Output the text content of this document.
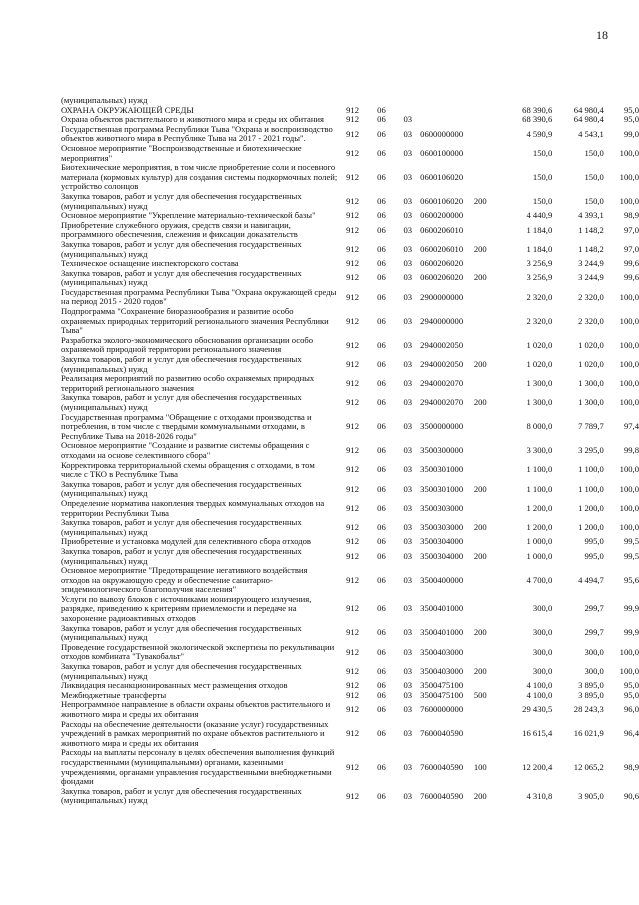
18
(муниципальных) нужд								
ОХРАНА ОКРУЖАЮЩЕЙ СРЕДЫ	912	06				68 390,6	64 980,4	95,0
Охрана объектов растительного и животного мира и среды их обитания	912	06	03			68 390,6	64 980,4	95,0
Государственная программа Республики Тыва "Охрана и воспроизводство объектов животного мира в Республике Тыва на 2017 - 2021 годы".	912	06	03	0600000000		4 590,9	4 543,1	99,0
Основное мероприятие "Воспроизводственные и биотехнические мероприятия"	912	06	03	0600100000		150,0	150,0	100,0
Биотехнические мероприятия, в том числе приобретение соли и посевного материала (кормовых культур) для создания системы подкормочных полей; устройство солонцов	912	06	03	0600106020		150,0	150,0	100,0
Закупка товаров, работ и услуг для обеспечения государственных (муниципальных) нужд	912	06	03	0600106020	200	150,0	150,0	100,0
Основное мероприятие "Укрепление материально-технической базы"	912	06	03	0600200000		4 440,9	4 393,1	98,9
Приобретение служебного оружия, средств связи и навигации, программного обеспечения, слежения и фиксации доказательств	912	06	03	0600206010		1 184,0	1 148,2	97,0
Закупка товаров, работ и услуг для обеспечения государственных (муниципальных) нужд	912	06	03	0600206010	200	1 184,0	1 148,2	97,0
Техническое оснащение инспекторского состава	912	06	03	0600206020		3 256,9	3 244,9	99,6
Закупка товаров, работ и услуг для обеспечения государственных (муниципальных) нужд	912	06	03	0600206020	200	3 256,9	3 244,9	99,6
Государственная программа Республики Тыва "Охрана окружающей среды на период 2015 - 2020 годов"	912	06	03	2900000000		2 320,0	2 320,0	100,0
Подпрограмма "Сохранение биоразнообразия и развитие особо охраняемых природных территорий регионального значения Республики Тыва"	912	06	03	2940000000		2 320,0	2 320,0	100,0
Разработка эколого-экономического обоснования организации особо охраняемой природной территории регионального значения	912	06	03	2940002050		1 020,0	1 020,0	100,0
Закупка товаров, работ и услуг для обеспечения государственных (муниципальных) нужд	912	06	03	2940002050	200	1 020,0	1 020,0	100,0
Реализация мероприятий по развитию особо охраняемых природных территорий регионального значения	912	06	03	2940002070		1 300,0	1 300,0	100,0
Закупка товаров, работ и услуг для обеспечения государственных (муниципальных) нужд	912	06	03	2940002070	200	1 300,0	1 300,0	100,0
Государственная программа "Обращение с отходами производства и потребления, в том числе с твердыми коммунальными отходами, в Республике Тыва на 2018-2026 годы"	912	06	03	3500000000		8 000,0	7 789,7	97,4
Основное мероприятие "Создание и развитие системы обращения с отходами на основе селективного сбора"	912	06	03	3500300000		3 300,0	3 295,0	99,8
Корректировка территориальной схемы обращения с отходами, в том числе с ТКО в Республике Тыва	912	06	03	3500301000		1 100,0	1 100,0	100,0
Закупка товаров, работ и услуг для обеспечения государственных (муниципальных) нужд	912	06	03	3500301000	200	1 100,0	1 100,0	100,0
Определение норматива накопления твердых коммунальных отходов на территории Республики Тыва	912	06	03	3500303000		1 200,0	1 200,0	100,0
Закупка товаров, работ и услуг для обеспечения государственных (муниципальных) нужд	912	06	03	3500303000	200	1 200,0	1 200,0	100,0
Приобретение и установка модулей для селективного сбора отходов	912	06	03	3500304000		1 000,0	995,0	99,5
Закупка товаров, работ и услуг для обеспечения государственных (муниципальных) нужд	912	06	03	3500304000	200	1 000,0	995,0	99,5
Основное мероприятие "Предотвращение негативного воздействия отходов на окружающую среду и обеспечение санитарно-эпидемиологического благополучия населения"	912	06	03	3500400000		4 700,0	4 494,7	95,6
Услуги по вывозу блоков с источниками ионизирующего излучения, разрядке, приведению к критериям приемлемости и передаче на захоронение радиоактивных отходов	912	06	03	3500401000		300,0	299,7	99,9
Закупка товаров, работ и услуг для обеспечения государственных (муниципальных) нужд	912	06	03	3500401000	200	300,0	299,7	99,9
Проведение государственной экологической экспертизы по рекультивации отходов комбината "Тувакобальт"	912	06	03	3500403000		300,0	300,0	100,0
Закупка товаров, работ и услуг для обеспечения государственных (муниципальных) нужд	912	06	03	3500403000	200	300,0	300,0	100,0
Ликвидация несанкционированных мест размещения отходов	912	06	03	3500475100		4 100,0	3 895,0	95,0
Межбюджетные трансферты	912	06	03	3500475100	500	4 100,0	3 895,0	95,0
Непрограммное направление в области охраны объектов растительного и животного мира и среды их обитания	912	06	03	7600000000		29 430,5	28 243,3	96,0
Расходы на обеспечение деятельности (оказание услуг) государственных учреждений в рамках мероприятий по охране объектов растительного и животного мира и среды их обитания	912	06	03	7600040590		16 615,4	16 021,9	96,4
Расходы на выплаты персоналу в целях обеспечения выполнения функций государственными (муниципальными) органами, казенными учреждениями, органами управления государственными внебюджетными фондами	912	06	03	7600040590	100	12 200,4	12 065,2	98,9
Закупка товаров, работ и услуг для обеспечения государственных (муниципальных) нужд	912	06	03	7600040590	200	4 310,8	3 905,0	90,6
